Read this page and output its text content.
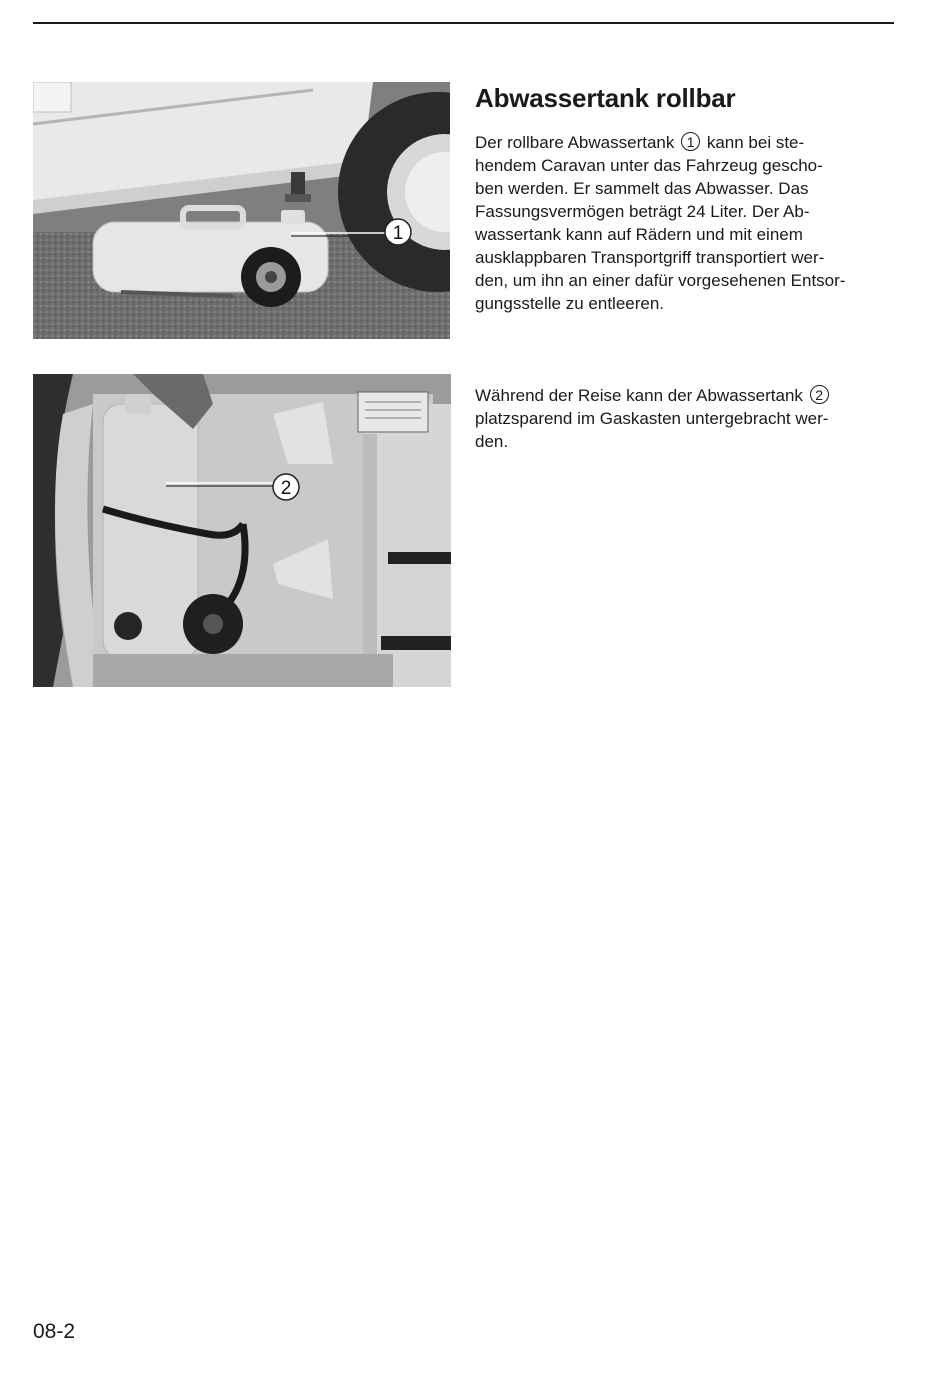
1
2
Abwassertank rollbar
Der rollbare Abwassertank 1 kann bei ste-
hendem Caravan unter das Fahrzeug gescho-
ben werden. Er sammelt das Abwasser. Das
Fassungsvermögen beträgt 24 Liter. Der Ab-
wassertank kann auf Rädern und mit einem
ausklappbaren Transportgriff transportiert wer-
den, um ihn an einer dafür vorgesehenen Entsor-
gungsstelle zu entleeren.
Während der Reise kann der Abwassertank 2
platzsparend im Gaskasten untergebracht wer-
den.
08-2
